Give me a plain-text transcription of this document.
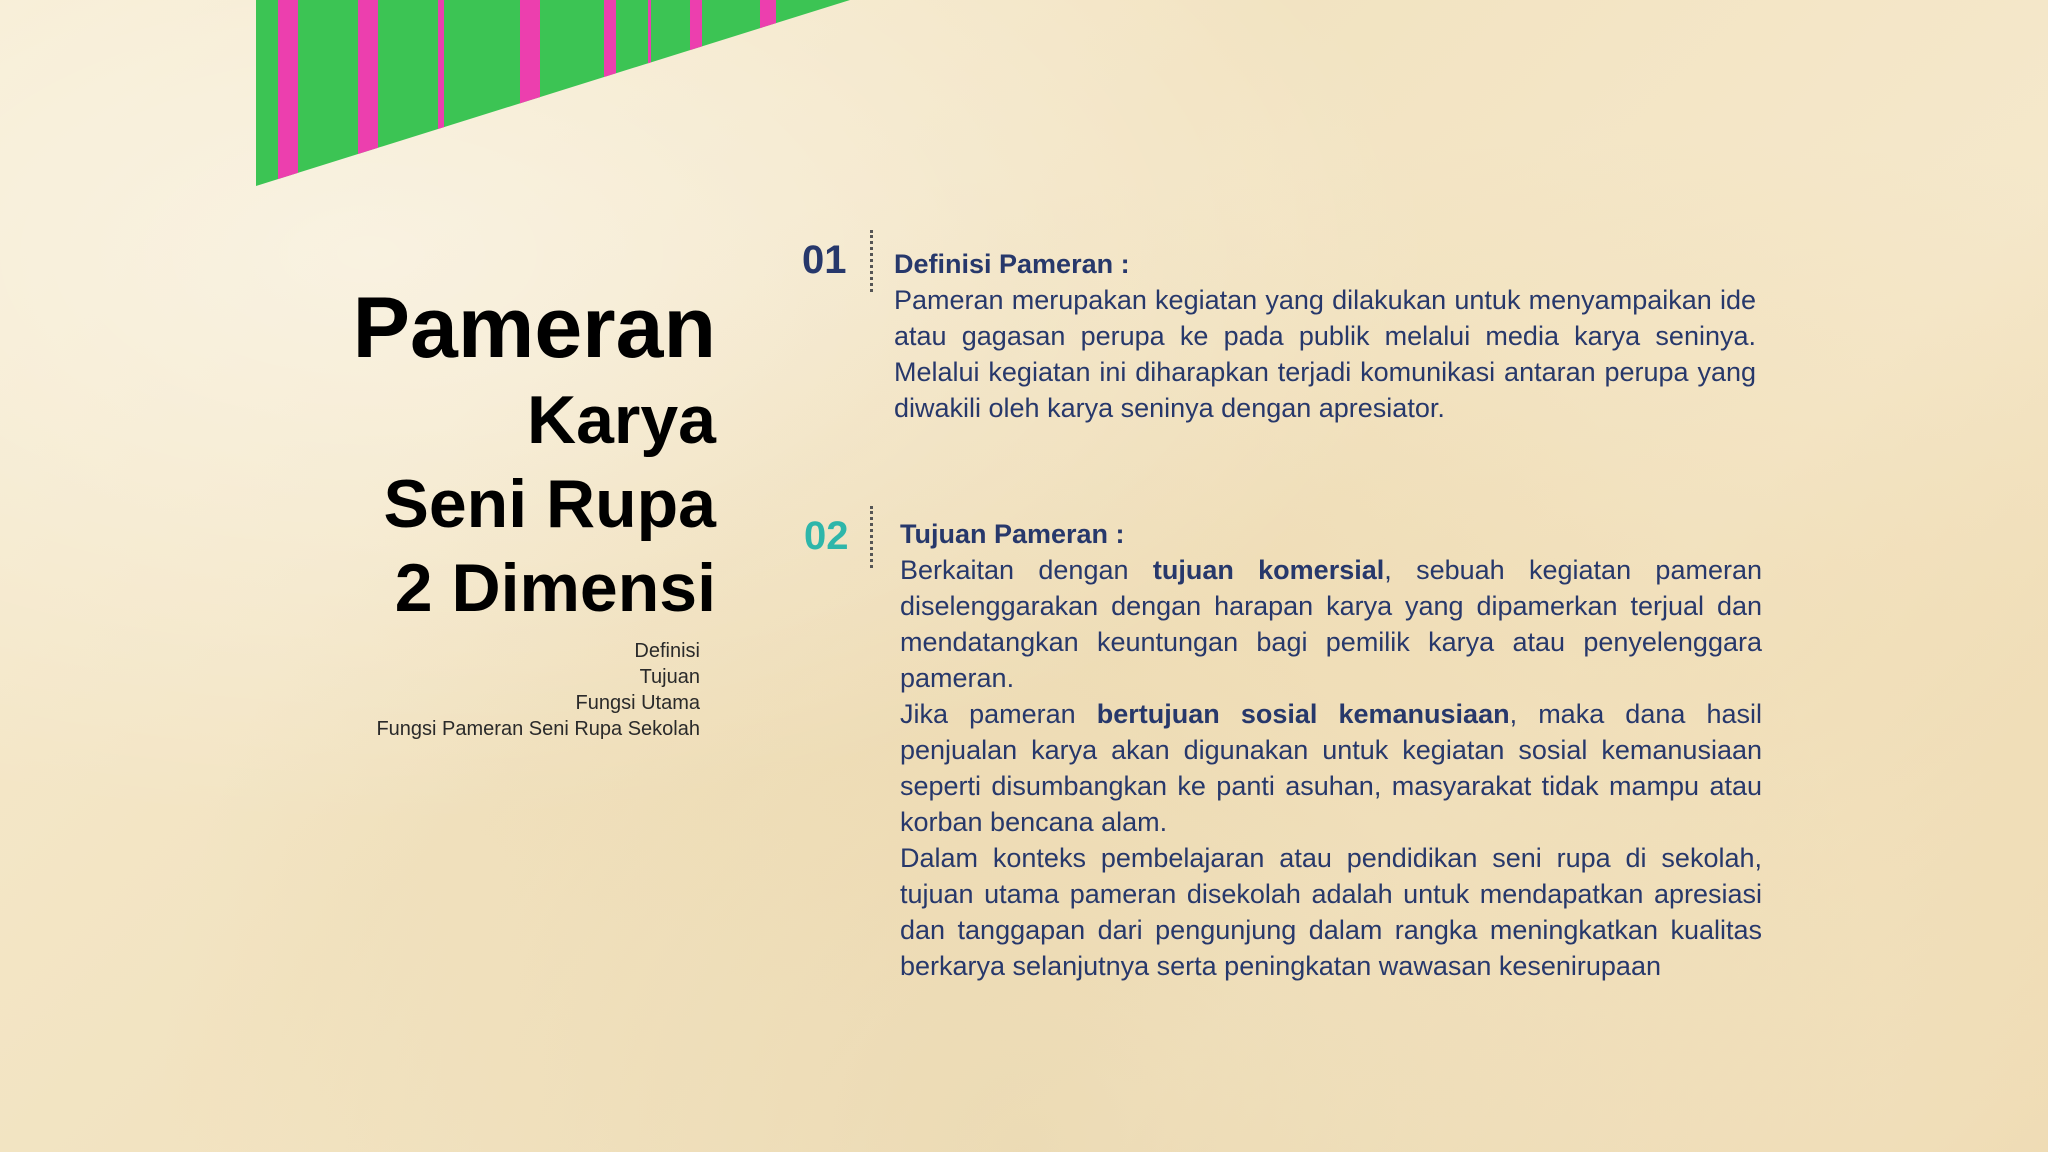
Pameran
Karya
Seni Rupa
2 Dimensi
Definisi
Tujuan
Fungsi Utama
Fungsi Pameran Seni Rupa Sekolah
01 Definisi Pameran :
Pameran merupakan kegiatan yang dilakukan untuk menyampaikan ide atau gagasan perupa ke pada publik melalui media karya seninya. Melalui kegiatan ini diharapkan terjadi komunikasi antaran perupa yang diwakili oleh karya seninya dengan apresiator.
02 Tujuan Pameran :
Berkaitan dengan tujuan komersial, sebuah kegiatan pameran diselenggarakan dengan harapan karya yang dipamerkan terjual dan mendatangkan keuntungan bagi pemilik karya atau penyelenggara pameran.
Jika pameran bertujuan sosial kemanusiaan, maka dana hasil penjualan karya akan digunakan untuk kegiatan sosial kemanusiaan seperti disumbangkan ke panti asuhan, masyarakat tidak mampu atau korban bencana alam.
Dalam konteks pembelajaran atau pendidikan seni rupa di sekolah, tujuan utama pameran disekolah adalah untuk mendapatkan apresiasi dan tanggapan dari pengunjung dalam rangka meningkatkan kualitas berkarya selanjutnya serta peningkatan wawasan kesenirupaan
